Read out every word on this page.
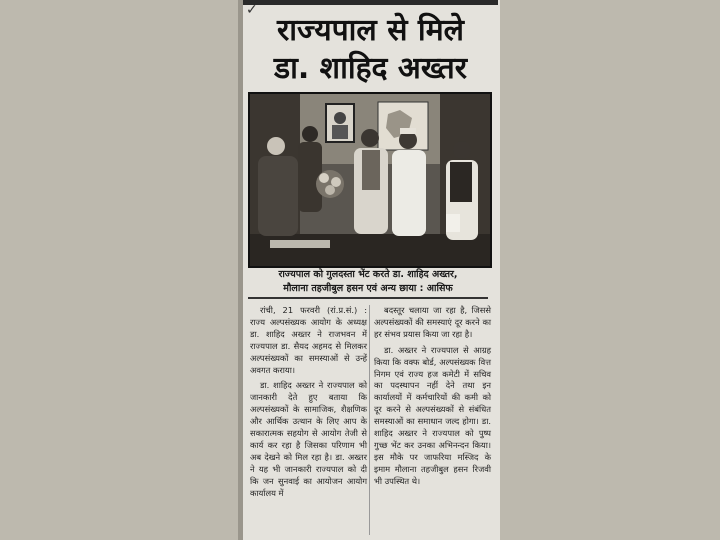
✓
राज्यपाल से मिले
डा. शाहिद अख्तर
राज्यपाल को गुलदस्ता भेंट करते डा. शाहिद अख्तर,
मौलाना तहजीबुल हसन एवं अन्य छाया : आसिफ

रांची, 21 फरवरी (रां.प्र.सं.) : राज्य अल्पसंख्यक आयोग के अध्यक्ष डा. शाहिद अख्तर ने राजभवन में राज्यपाल डा. सैयद अहमद से मिलकर अल्पसंख्यकों का समस्याओं से उन्हें अवगत कराया।

डा. शाहिद अख्तर ने राज्यपाल को जानकारी देते हुए बताया कि अल्पसंख्यकों के सामाजिक, शैक्षणिक और आर्थिक उत्थान के लिए आप के सकारात्मक सहयोग से आयोग तेजी से कार्य कर रहा है जिसका परिणाम भी अब देखने को मिल रहा है। डा. अख्तर ने यह भी जानकारी राज्यपाल को दी कि जन सुनवाई का आयोजन आयोग कार्यालय में

बदस्तूर चलाया जा रहा है, जिससे अल्पसंख्यकों की समस्याएं दूर करने का हर संभव प्रयास किया जा रहा है।

डा. अख्तर ने राज्यपाल से आग्रह किया कि वक्फ बोर्ड, अल्पसंख्यक वित्त निगम एवं राज्य हज कमेटी में सचिव का पदस्थापन नहीं देने तथा इन कार्यालयों में कर्मचारियों की कमी को दूर करने से अल्पसंख्यकों से संबंधित समस्याओं का समाधान जल्द होगा। डा. शाहिद अख्तर ने राज्यपाल को पुष्प गुच्छ भेंट कर उनका अभिनन्दन किया। इस मौके पर जाफरिया मस्जिद के इमाम मौलाना तहजीबुल हसन रिजवी भी उपस्थित थे।
